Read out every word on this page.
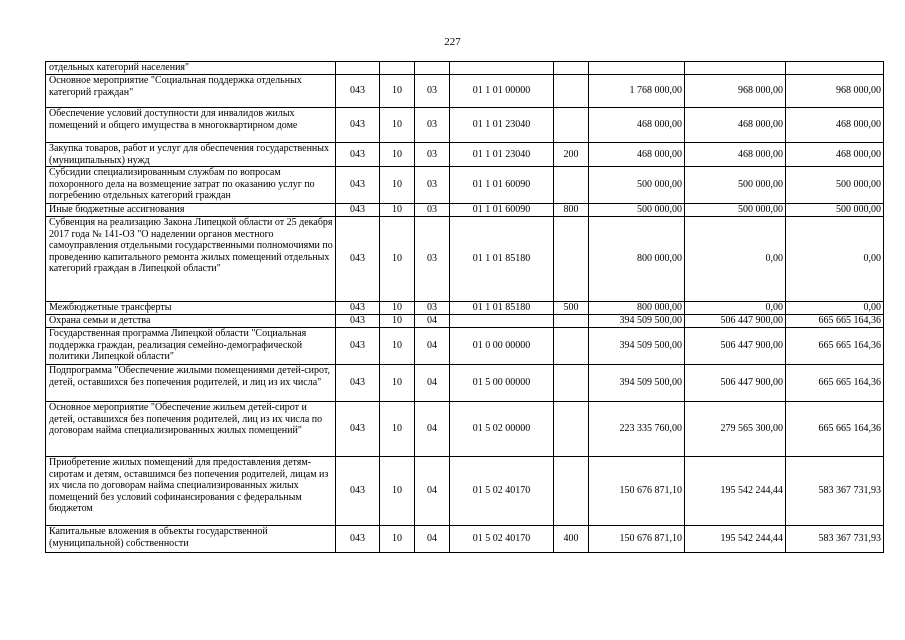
227
отдельных категорий населения"								
Основное мероприятие "Социальная поддержка отдельных категорий граждан"	043	10	03	01 1 01 00000		1 768 000,00	968 000,00	968 000,00
Обеспечение условий доступности для инвалидов жилых помещений и общего имущества в многоквартирном доме	043	10	03	01 1 01 23040		468 000,00	468 000,00	468 000,00
Закупка товаров, работ и услуг для обеспечения государственных (муниципальных) нужд	043	10	03	01 1 01 23040	200	468 000,00	468 000,00	468 000,00
Субсидии специализированным службам по вопросам похоронного дела на возмещение затрат по оказанию услуг по погребению отдельных категорий граждан	043	10	03	01 1 01 60090		500 000,00	500 000,00	500 000,00
Иные бюджетные ассигнования	043	10	03	01 1 01 60090	800	500 000,00	500 000,00	500 000,00
Субвенция на реализацию Закона Липецкой области от 25 декабря 2017 года № 141-ОЗ "О наделении органов местного самоуправления отдельными государственными полномочиями по проведению капитального ремонта жилых помещений отдельных категорий граждан в Липецкой области"	043	10	03	01 1 01 85180		800 000,00	0,00	0,00
Межбюджетные трансферты	043	10	03	01 1 01 85180	500	800 000,00	0,00	0,00
Охрана семьи и детства	043	10	04			394 509 500,00	506 447 900,00	665 665 164,36
Государственная программа Липецкой области "Социальная поддержка граждан, реализация семейно-демографической политики Липецкой области"	043	10	04	01 0 00 00000		394 509 500,00	506 447 900,00	665 665 164,36
Подпрограмма "Обеспечение жилыми помещениями детей-сирот, детей, оставшихся без попечения родителей, и лиц из их числа"	043	10	04	01 5 00 00000		394 509 500,00	506 447 900,00	665 665 164,36
Основное мероприятие "Обеспечение жильем детей-сирот и детей, оставшихся без попечения родителей, лиц из их числа по договорам найма специализированных жилых помещений"	043	10	04	01 5 02 00000		223 335 760,00	279 565 300,00	665 665 164,36
Приобретение жилых помещений для предоставления детям-сиротам и детям, оставшимся без попечения родителей, лицам из их числа по договорам найма специализированных жилых помещений без условий софинансирования с федеральным бюджетом	043	10	04	01 5 02 40170		150 676 871,10	195 542 244,44	583 367 731,93
Капитальные вложения в объекты государственной (муниципальной) собственности	043	10	04	01 5 02 40170	400	150 676 871,10	195 542 244,44	583 367 731,93
